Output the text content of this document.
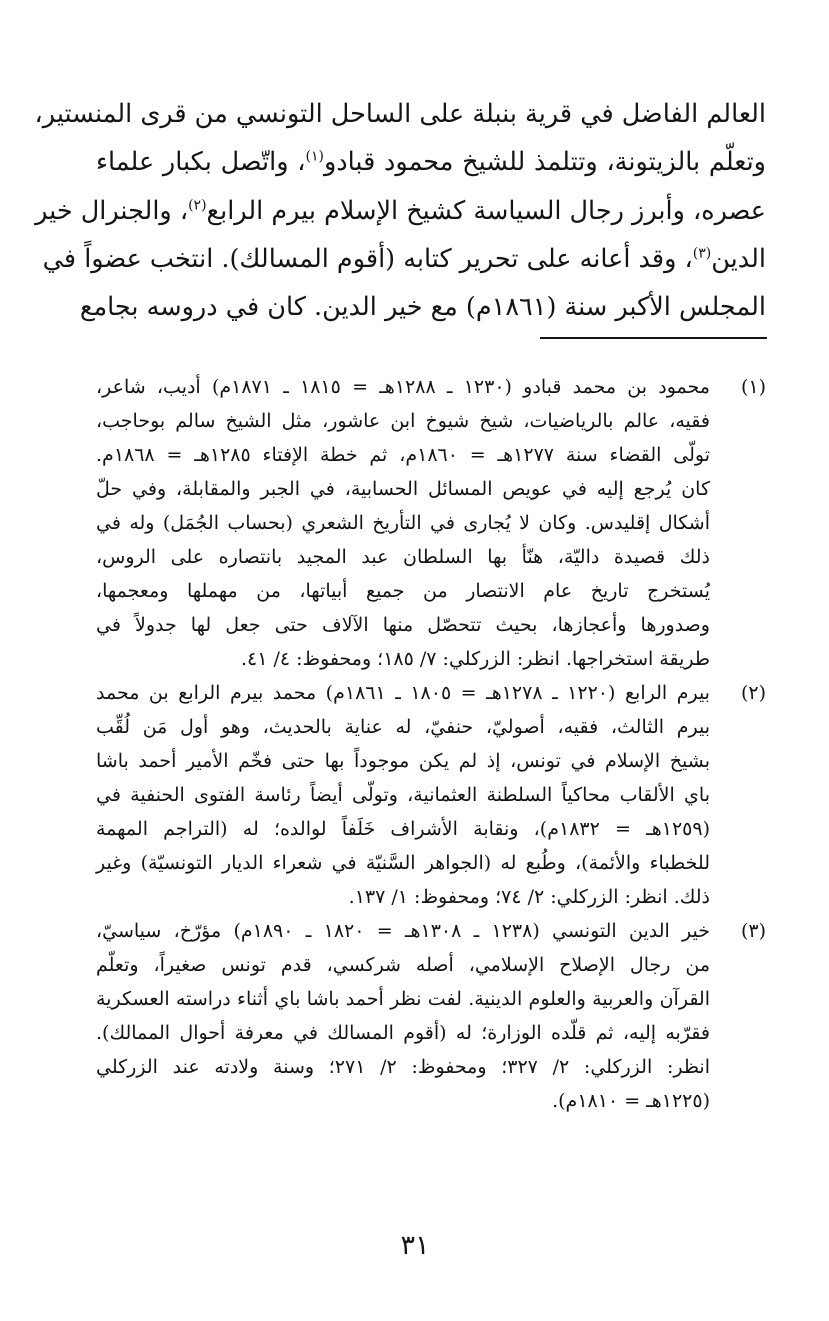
العالم الفاضل في قرية بنبلة على الساحل التونسي من قرى المنستير،
وتعلّم بالزيتونة، وتتلمذ للشيخ محمود قبادو$^{(١)}$، واتّصل بكبار علماء
عصره، وأبرز رجال السياسة كشيخ الإسلام بيرم الرابع$^{(٢)}$، والجنرال خير
الدين$^{(٣)}$، وقد أعانه على تحرير كتابه (أقوم المسالك). انتخب عضواً في
المجلس الأكبر سنة (١٨٦١م) مع خير الدين. كان في دروسه بجامع
(١)
محمود بن محمد قبادو (١٢٣٠ ـ ١٢٨٨هـ = ١٨١٥ ـ ١٨٧١م) أديب، شاعر،
فقيه، عالم بالرياضيات، شيخ شيوخ ابن عاشور، مثل الشيخ سالم بوحاجب،
تولّى القضاء سنة ١٢٧٧هـ = ١٨٦٠م، ثم خطة الإفتاء ١٢٨٥هـ = ١٨٦٨م.
كان يُرجع إليه في عويص المسائل الحسابية، في الجبر والمقابلة، وفي حلّ
أشكال إقليدس. وكان لا يُجارى في التأريخ الشعري (بحساب الجُمَل) وله في
ذلك قصيدة داليّة، هنّأ بها السلطان عبد المجيد بانتصاره على الروس،
يُستخرج تاريخ عام الانتصار من جميع أبياتها، من مهملها ومعجمها،
وصدورها وأعجازها، بحيث تتحصّل منها الآلاف حتى جعل لها جدولاً في
طريقة استخراجها. انظر: الزركلي: ٧/ ١٨٥؛ ومحفوظ: ٤/ ٤١.
(٢)
بيرم الرابع (١٢٢٠ ـ ١٢٧٨هـ = ١٨٠٥ ـ ١٨٦١م) محمد بيرم الرابع بن محمد
بيرم الثالث، فقيه، أصوليّ، حنفيّ، له عناية بالحديث، وهو أول مَن لُقِّب
بشيخ الإسلام في تونس، إذ لم يكن موجوداً بها حتى فخّم الأمير أحمد باشا
باي الألقاب محاكياً السلطنة العثمانية، وتولّى أيضاً رئاسة الفتوى الحنفية في
(١٢٥٩هـ = ١٨٣٢م)، ونقابة الأشراف خَلَفاً لوالده؛ له (التراجم المهمة
للخطباء والأئمة)، وطُبع له (الجواهر السَّنيّة في شعراء الديار التونسيّة) وغير
ذلك. انظر: الزركلي: ٢/ ٧٤؛ ومحفوظ: ١/ ١٣٧.
(٣)
خير الدين التونسي (١٢٣٨ ـ ١٣٠٨هـ = ١٨٢٠ ـ ١٨٩٠م) مؤرّخ، سياسيّ،
من رجال الإصلاح الإسلامي، أصله شركسي، قدم تونس صغيراً، وتعلّم
القرآن والعربية والعلوم الدينية. لفت نظر أحمد باشا باي أثناء دراسته العسكرية
فقرّبه إليه، ثم قلّده الوزارة؛ له (أقوم المسالك في معرفة أحوال الممالك).
انظر: الزركلي: ٢/ ٣٢٧؛ ومحفوظ: ٢/ ٢٧١؛ وسنة ولادته عند الزركلي
(١٢٢٥هـ = ١٨١٠م).
٣١
